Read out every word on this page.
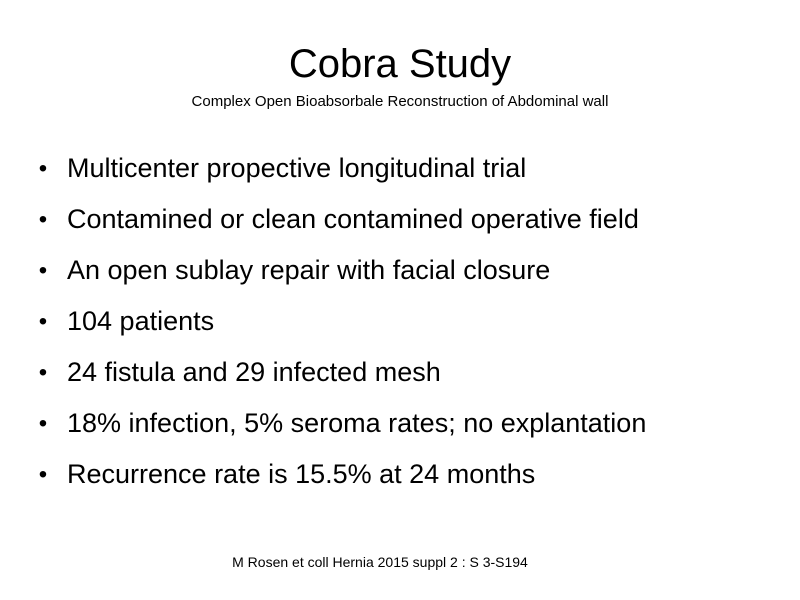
Cobra Study
Complex Open Bioabsorbale Reconstruction of Abdominal wall
• Multicenter propective longitudinal trial
• Contamined or clean contamined operative field
• An open sublay repair with facial closure
• 104 patients
• 24 fistula and 29 infected mesh
• 18% infection, 5% seroma rates; no explantation
• Recurrence rate is 15.5% at 24 months
M Rosen et coll Hernia 2015 suppl 2 : S 3-S194
